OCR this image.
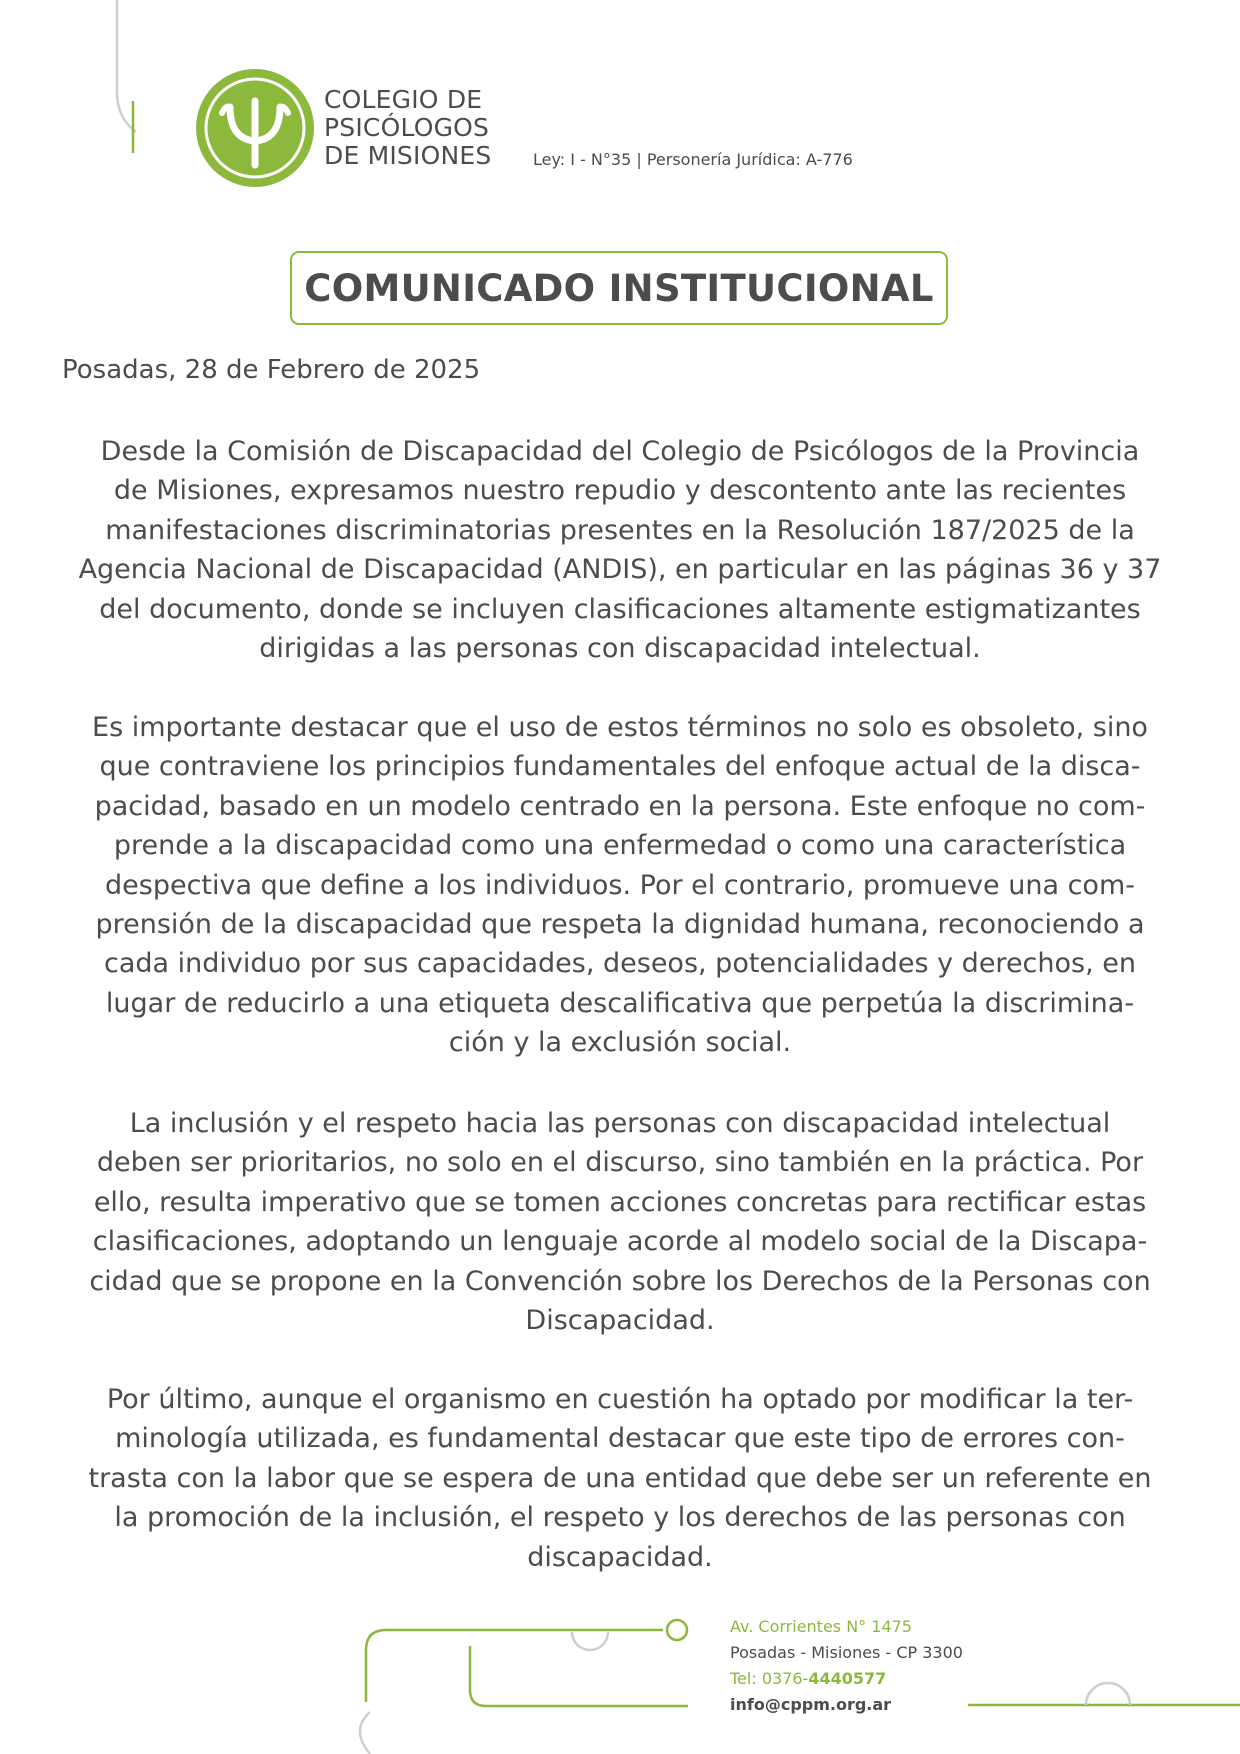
COLEGIO DE
PSICÓLOGOS
DE MISIONES	Ley: I - N°35 | Personería Jurídica: A-776
COMUNICADO INSTITUCIONAL
Posadas, 28 de Febrero de 2025
Desde la Comisión de Discapacidad del Colegio de Psicólogos de la Provincia
de Misiones, expresamos nuestro repudio y descontento ante las recientes
manifestaciones discriminatorias presentes en la Resolución 187/2025 de la
Agencia Nacional de Discapacidad (ANDIS), en particular en las páginas 36 y 37
del documento, donde se incluyen clasificaciones altamente estigmatizantes
dirigidas a las personas con discapacidad intelectual.
Es importante destacar que el uso de estos términos no solo es obsoleto, sino
que contraviene los principios fundamentales del enfoque actual de la disca-
pacidad, basado en un modelo centrado en la persona. Este enfoque no com-
prende a la discapacidad como una enfermedad o como una característica
despectiva que define a los individuos. Por el contrario, promueve una com-
prensión de la discapacidad que respeta la dignidad humana, reconociendo a
cada individuo por sus capacidades, deseos, potencialidades y derechos, en
lugar de reducirlo a una etiqueta descalificativa que perpetúa la discrimina-
ción y la exclusión social.
La inclusión y el respeto hacia las personas con discapacidad intelectual
deben ser prioritarios, no solo en el discurso, sino también en la práctica. Por
ello, resulta imperativo que se tomen acciones concretas para rectificar estas
clasificaciones, adoptando un lenguaje acorde al modelo social de la Discapa-
cidad que se propone en la Convención sobre los Derechos de la Personas con
Discapacidad.
Por último, aunque el organismo en cuestión ha optado por modificar la ter-
minología utilizada, es fundamental destacar que este tipo de errores con-
trasta con la labor que se espera de una entidad que debe ser un referente en
la promoción de la inclusión, el respeto y los derechos de las personas con
discapacidad.
Av. Corrientes N° 1475
Posadas - Misiones - CP 3300
Tel: 0376-4440577
info@cppm.org.ar
